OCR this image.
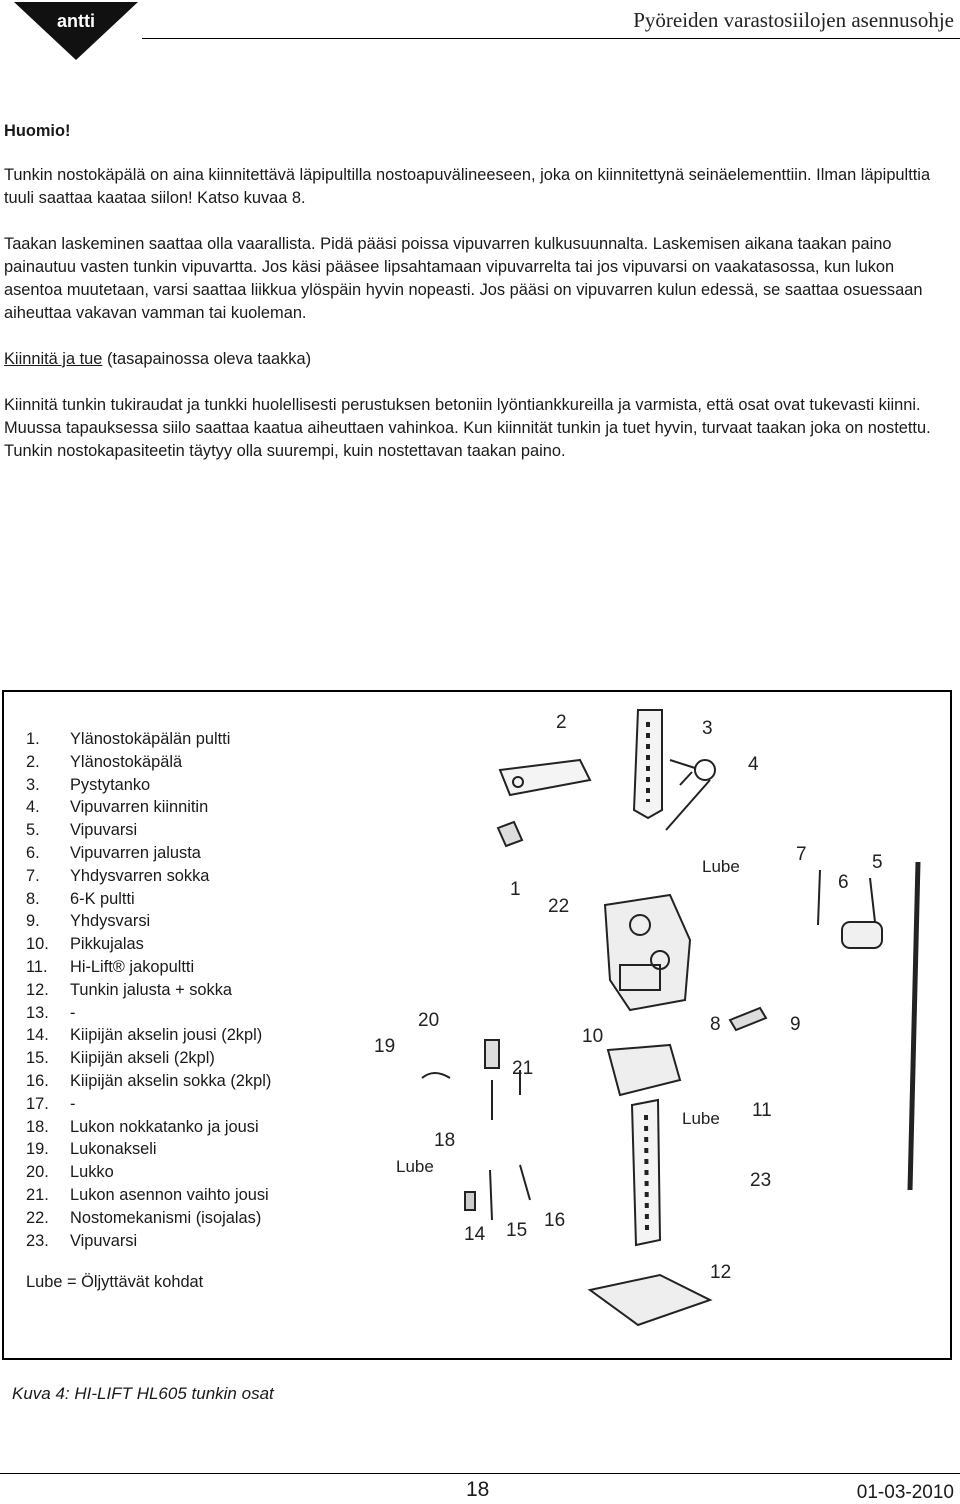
antti	Pyöreiden varastosiilojen asennusohje
Huomio!

Tunkin nostokäpälä on aina kiinnitettävä läpipultilla nostoapuvälineeseen, joka on kiinnitettynä seinäelementtiin. Ilman läpipulttia tuuli saattaa kaataa siilon! Katso kuvaa 8.

Taakan laskeminen saattaa olla vaarallista. Pidä pääsi poissa vipuvarren kulkusuunnalta. Laskemisen aikana taakan paino painautuu vasten tunkin vipuvartta. Jos käsi pääsee lipsahtamaan vipuvarrelta tai jos vipuvarsi on vaakatasossa, kun lukon asentoa muutetaan, varsi saattaa liikkua ylöspäin hyvin nopeasti. Jos pääsi on vipuvarren kulun edessä, se saattaa osuessaan aiheuttaa vakavan vamman tai kuoleman.

Kiinnitä ja tue (tasapainossa oleva taakka)

Kiinnitä tunkin tukiraudat ja tunkki huolellisesti perustuksen betoniin lyöntiankkureilla ja varmista, että osat ovat tukevasti kiinni. Muussa tapauksessa siilo saattaa kaatua aiheuttaen vahinkoa. Kun kiinnität tunkin ja tuet hyvin, turvaat taakan joka on nostettu. Tunkin nostokapasiteetin täytyy olla suurempi, kuin nostettavan taakan paino.

1.	Ylänostokäpälän pultti
2.	Ylänostokäpälä
3.	Pystytanko
4.	Vipuvarren kiinnitin
5.	Vipuvarsi
6.	Vipuvarren jalusta
7.	Yhdysvarren sokka
8.	6-K pultti
9.	Yhdysvarsi
10.	Pikkujalas
11.	Hi-Lift® jakopultti
12.	Tunkin jalusta + sokka
13.	-
14.	Kiipijän akselin jousi (2kpl)
15.	Kiipijän akseli (2kpl)
16.	Kiipijän akselin sokka (2kpl)
17.	-
18.	Lukon nokkatanko ja jousi
19.	Lukonakseli
20.	Lukko
21.	Lukon asennon vaihto jousi
22.	Nostomekanismi (isojalas)
23.	Vipuvarsi
Lube = Öljyttävät kohdat
Kuva 4: HI-LIFT HL605 tunkin osat
2	3
4
1
7	5
6
22
8	9
20
19	10
21
18
11
23
14 15 16
12
Lube
Lube
Lube
18	01-03-2010
